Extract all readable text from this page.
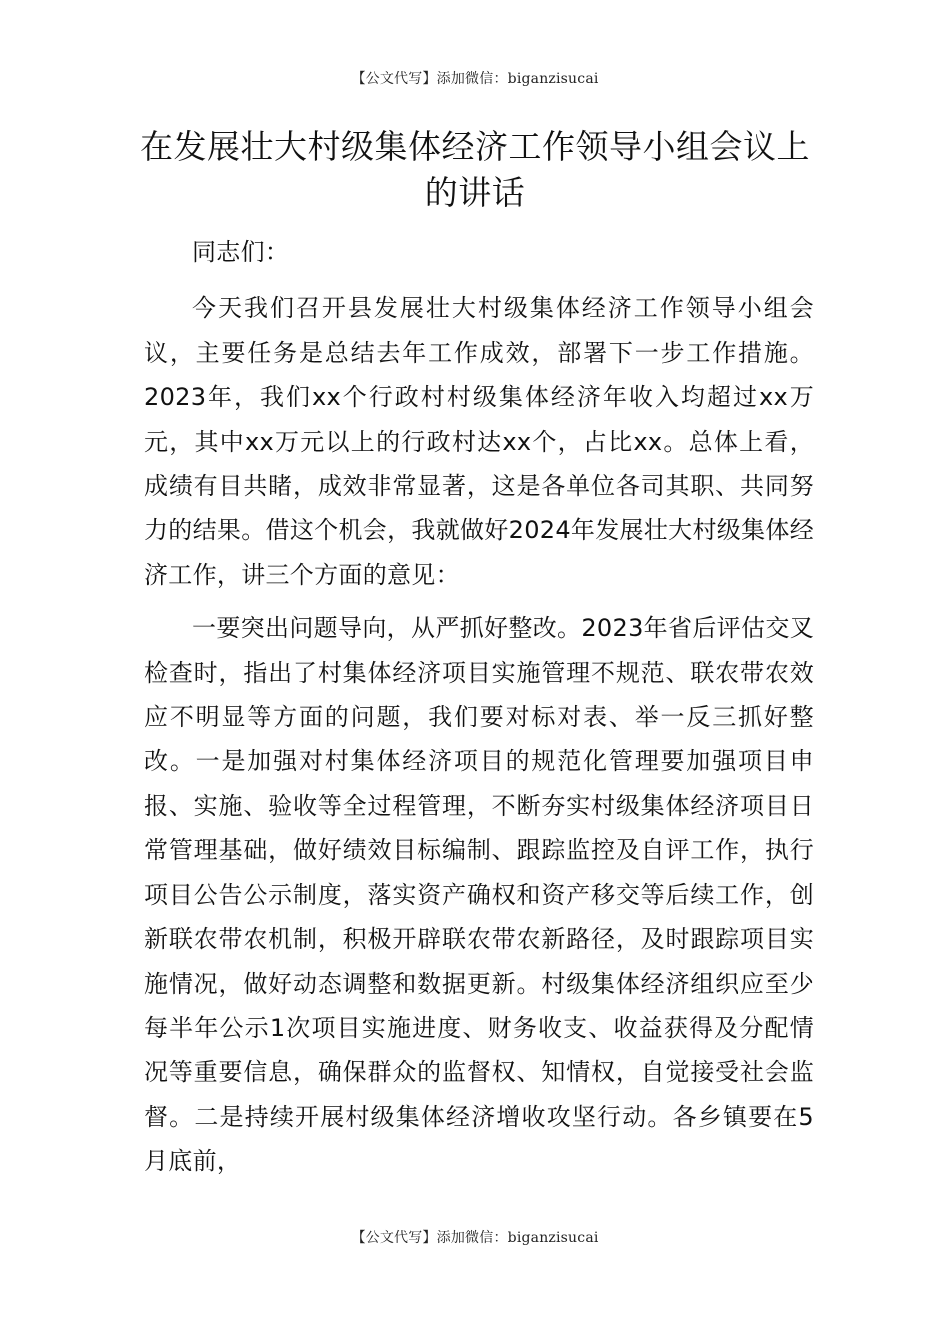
【公文代写】添加微信：biganzisucai
在发展壮大村级集体经济工作领导小组会议上的讲话

同志们：

今天我们召开县发展壮大村级集体经济工作领导小组会议，主要任务是总结去年工作成效，部署下一步工作措施。2023年，我们xx个行政村村级集体经济年收入均超过xx万元，其中xx万元以上的行政村达xx个，占比xx。总体上看，成绩有目共睹，成效非常显著，这是各单位各司其职、共同努力的结果。借这个机会，我就做好2024年发展壮大村级集体经济工作，讲三个方面的意见：

一要突出问题导向，从严抓好整改。2023年省后评估交叉检查时，指出了村集体经济项目实施管理不规范、联农带农效应不明显等方面的问题，我们要对标对表、举一反三抓好整改。一是加强对村集体经济项目的规范化管理要加强项目申报、实施、验收等全过程管理，不断夯实村级集体经济项目日常管理基础，做好绩效目标编制、跟踪监控及自评工作，执行项目公告公示制度，落实资产确权和资产移交等后续工作，创新联农带农机制，积极开辟联农带农新路径，及时跟踪项目实施情况，做好动态调整和数据更新。村级集体经济组织应至少每半年公示1次项目实施进度、财务收支、收益获得及分配情况等重要信息，确保群众的监督权、知情权，自觉接受社会监督。二是持续开展村级集体经济增收攻坚行动。各乡镇要在5月底前，

【公文代写】添加微信：biganzisucai
